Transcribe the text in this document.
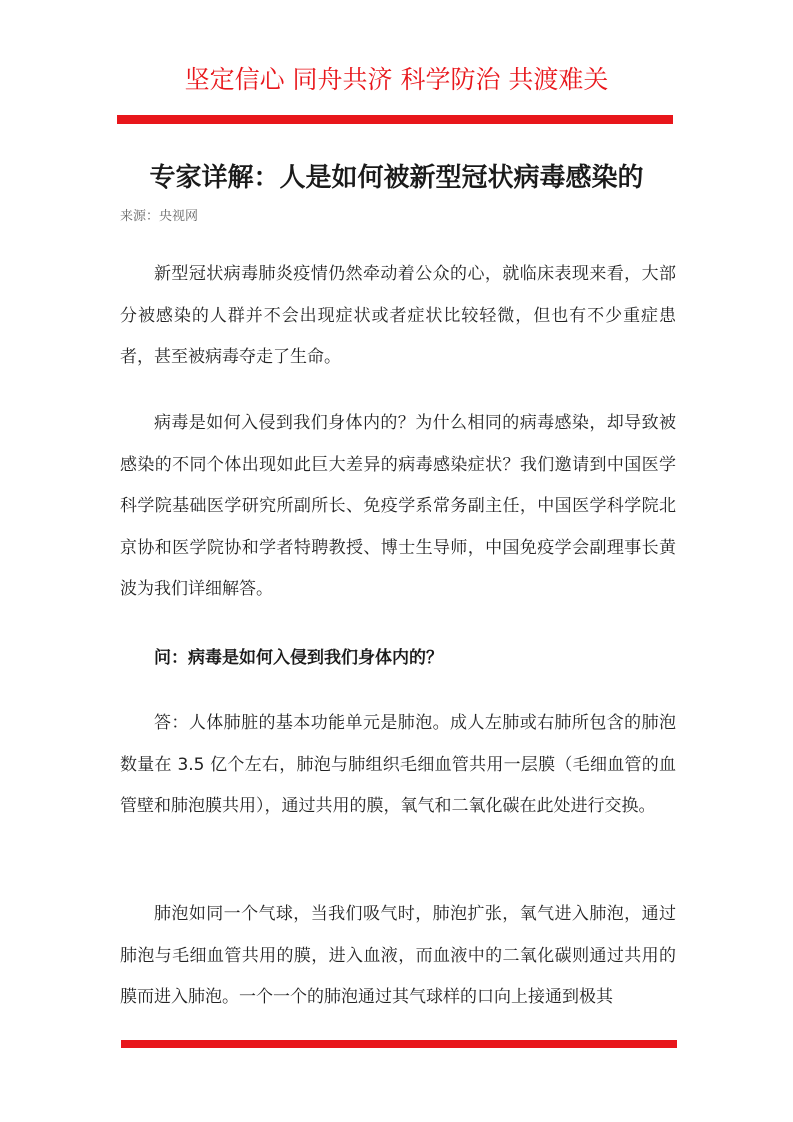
坚定信心 同舟共济 科学防治 共渡难关
专家详解：人是如何被新型冠状病毒感染的
来源：央视网

新型冠状病毒肺炎疫情仍然牵动着公众的心，就临床表现来看，大部分被感染的人群并不会出现症状或者症状比较轻微，但也有不少重症患者，甚至被病毒夺走了生命。

病毒是如何入侵到我们身体内的？为什么相同的病毒感染，却导致被感染的不同个体出现如此巨大差异的病毒感染症状？我们邀请到中国医学科学院基础医学研究所副所长、免疫学系常务副主任，中国医学科学院北京协和医学院协和学者特聘教授、博士生导师，中国免疫学会副理事长黄波为我们详细解答。

问：病毒是如何入侵到我们身体内的？

答：人体肺脏的基本功能单元是肺泡。成人左肺或右肺所包含的肺泡数量在 3.5 亿个左右，肺泡与肺组织毛细血管共用一层膜（毛细血管的血管壁和肺泡膜共用），通过共用的膜，氧气和二氧化碳在此处进行交换。

肺泡如同一个气球，当我们吸气时，肺泡扩张，氧气进入肺泡，通过肺泡与毛细血管共用的膜，进入血液，而血液中的二氧化碳则通过共用的膜而进入肺泡。一个一个的肺泡通过其气球样的口向上接通到极其
